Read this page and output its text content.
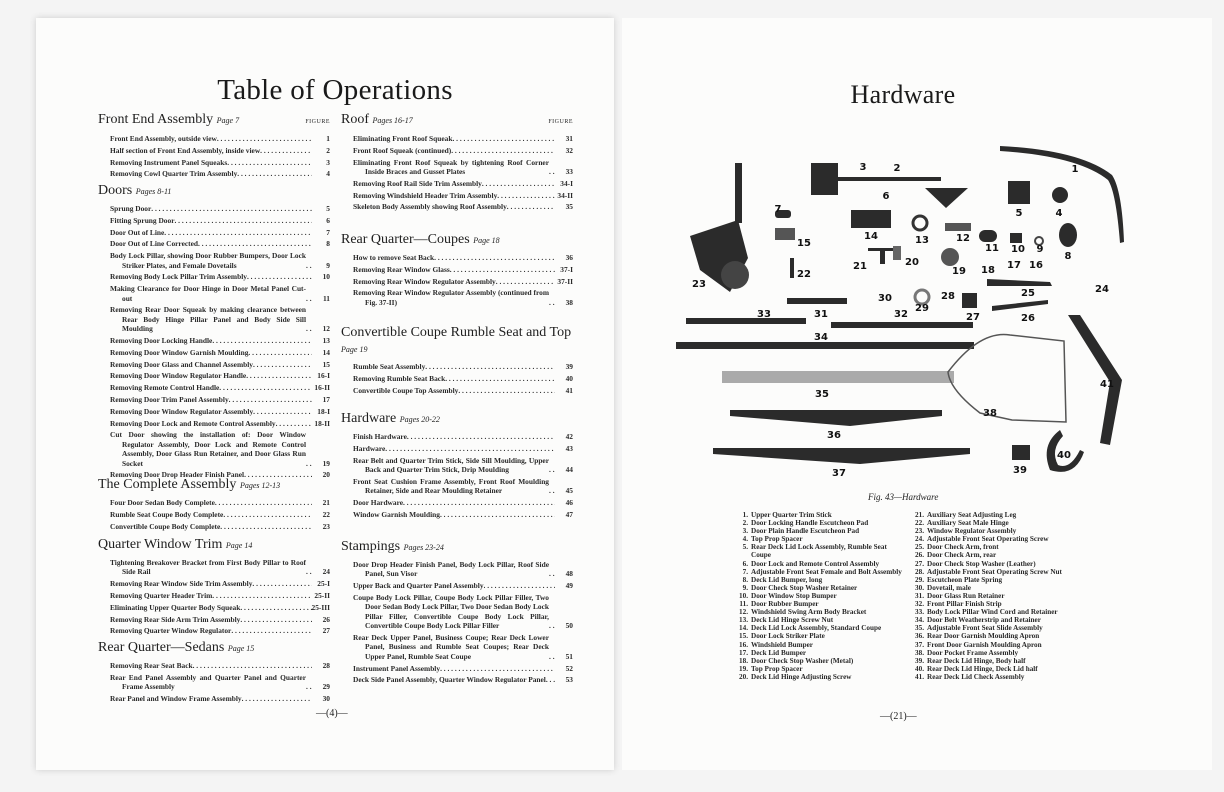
Table of Operations
Front End Assembly Page 7	FIGURE
Front End Assembly, outside view . . .	1
Half section of Front End Assembly, inside view . . .	2
Removing Instrument Panel Squeaks . . .	3
Removing Cowl Quarter Trim Assembly . . .	4
Doors Pages 8-11
Sprung Door . . .	5
Fitting Sprung Door . . .	6
Door Out of Line . . .	7
Door Out of Line Corrected . . .	8
Body Lock Pillar, showing Door Rubber Bumpers, Door Lock Striker Plates, and Female Dovetails . . .	9
Removing Body Lock Pillar Trim Assembly . . .	10
Making Clearance for Door Hinge in Door Metal Panel Cut-out . . .	11
Removing Rear Door Squeak by making clearance between Rear Body Hinge Pillar Panel and Body Side Sill Moulding . . .	12
Removing Door Locking Handle . . .	13
Removing Door Window Garnish Moulding . . .	14
Removing Door Glass and Channel Assembly . . .	15
Removing Door Window Regulator Handle . . .	16-I
Removing Remote Control Handle . . .	16-II
Removing Door Trim Panel Assembly . . .	17
Removing Door Window Regulator Assembly . . .	18-I
Removing Door Lock and Remote Control Assembly . . .	18-II
Cut Door showing the installation of: Door Window Regulator Assembly, Door Lock and Remote Control Assembly, Door Glass Run Retainer, and Door Glass Run Socket . . .	19
Removing Door Drop Header Finish Panel . . .	20
The Complete Assembly Pages 12-13
Four Door Sedan Body Complete . . .	21
Rumble Seat Coupe Body Complete . . .	22
Convertible Coupe Body Complete . . .	23
Quarter Window Trim Page 14
Tightening Breakover Bracket from First Body Pillar to Roof Side Rail . . .	24
Removing Rear Window Side Trim Assembly . . .	25-I
Removing Quarter Header Trim . . .	25-II
Eliminating Upper Quarter Body Squeak . . .	25-III
Removing Rear Side Arm Trim Assembly . . .	26
Removing Quarter Window Regulator . . .	27
Rear Quarter—Sedans Page 15
Removing Rear Seat Back . . .	28
Rear End Panel Assembly and Quarter Panel and Quarter Frame Assembly . . .	29
Rear Panel and Window Frame Assembly . . .	30
Roof Pages 16-17	FIGURE
Eliminating Front Roof Squeak . . .	31
Front Roof Squeak (continued) . . .	32
Eliminating Front Roof Squeak by tightening Roof Corner Inside Braces and Gusset Plates . . .	33
Removing Roof Rail Side Trim Assembly . . .	34-I
Removing Windshield Header Trim Assembly . . .	34-II
Skeleton Body Assembly showing Roof Assembly . . .	35
Rear Quarter—Coupes Page 18
How to remove Seat Back . . .	36
Removing Rear Window Glass . . .	37-I
Removing Rear Window Regulator Assembly . . .	37-II
Removing Rear Window Regulator Assembly (continued from Fig. 37-II) . . .	38
Convertible Coupe Rumble Seat and Top Page 19
Rumble Seat Assembly . . .	39
Removing Rumble Seat Back . . .	40
Convertible Coupe Top Assembly . . .	41
Hardware Pages 20-22
Finish Hardware . . .	42
Hardware . . .	43
Rear Belt and Quarter Trim Stick, Side Sill Moulding, Upper Back and Quarter Trim Stick, Drip Moulding . . .	44
Front Seat Cushion Frame Assembly, Front Roof Moulding Retainer, Side and Rear Moulding Retainer . . .	45
Door Hardware . . .	46
Window Garnish Moulding . . .	47
Stampings Pages 23-24
Door Drop Header Finish Panel, Body Lock Pillar, Roof Side Panel, Sun Visor . . .	48
Upper Back and Quarter Panel Assembly . . .	49
Coupe Body Lock Pillar, Coupe Body Lock Pillar Filler, Two Door Sedan Body Lock Pillar, Two Door Sedan Body Lock Pillar Filler, Convertible Coupe Body Lock Pillar, Convertible Coupe Body Lock Pillar Filler . . .	50
Rear Deck Upper Panel, Business Coupe; Rear Deck Lower Panel, Business and Rumble Seat Coupes; Rear Deck Upper Panel, Rumble Seat Coupe . . .	51
Instrument Panel Assembly . . .	52
Deck Side Panel Assembly, Quarter Window Regulator Panel . . .	53
—(4)—
Hardware
1
2
3
4
5
6
7
8
9
10
11
12
13
14
15
16
17
18
19
20
21
22
23	24
25
26
27
28
29
30
31	32
33
34
35
36
37
38
39
40
41
Fig. 43—Hardware
1. Upper Quarter Trim Stick
2. Door Locking Handle Escutcheon Pad
3. Door Plain Handle Escutcheon Pad
4. Top Prop Spacer
5. Rear Deck Lid Lock Assembly, Rumble Seat Coupe
6. Door Lock and Remote Control Assembly
7. Adjustable Front Seat Female and Bolt Assembly
8. Deck Lid Bumper, long
9. Door Check Stop Washer Retainer
10. Door Window Stop Bumper
11. Door Rubber Bumper
12. Windshield Swing Arm Body Bracket
13. Deck Lid Hinge Screw Nut
14. Deck Lid Lock Assembly, Standard Coupe
15. Door Lock Striker Plate
16. Windshield Bumper
17. Deck Lid Bumper
18. Door Check Stop Washer (Metal)
19. Top Prop Spacer
20. Deck Lid Hinge Adjusting Screw
21. Auxiliary Seat Adjusting Leg
22. Auxiliary Seat Male Hinge
23. Window Regulator Assembly
24. Adjustable Front Seat Operating Screw
25. Door Check Arm, front
26. Door Check Arm, rear
27. Door Check Stop Washer (Leather)
28. Adjustable Front Seat Operating Screw Nut
29. Escutcheon Plate Spring
30. Dovetail, male
31. Door Glass Run Retainer
32. Front Pillar Finish Strip
33. Body Lock Pillar Wind Cord and Retainer
34. Door Belt Weatherstrip and Retainer
35. Adjustable Front Seat Slide Assembly
36. Rear Door Garnish Moulding Apron
37. Front Door Garnish Moulding Apron
38. Door Pocket Frame Assembly
39. Rear Deck Lid Hinge, Body half
40. Rear Deck Lid Hinge, Deck Lid half
41. Rear Deck Lid Check Assembly
—(21)—
